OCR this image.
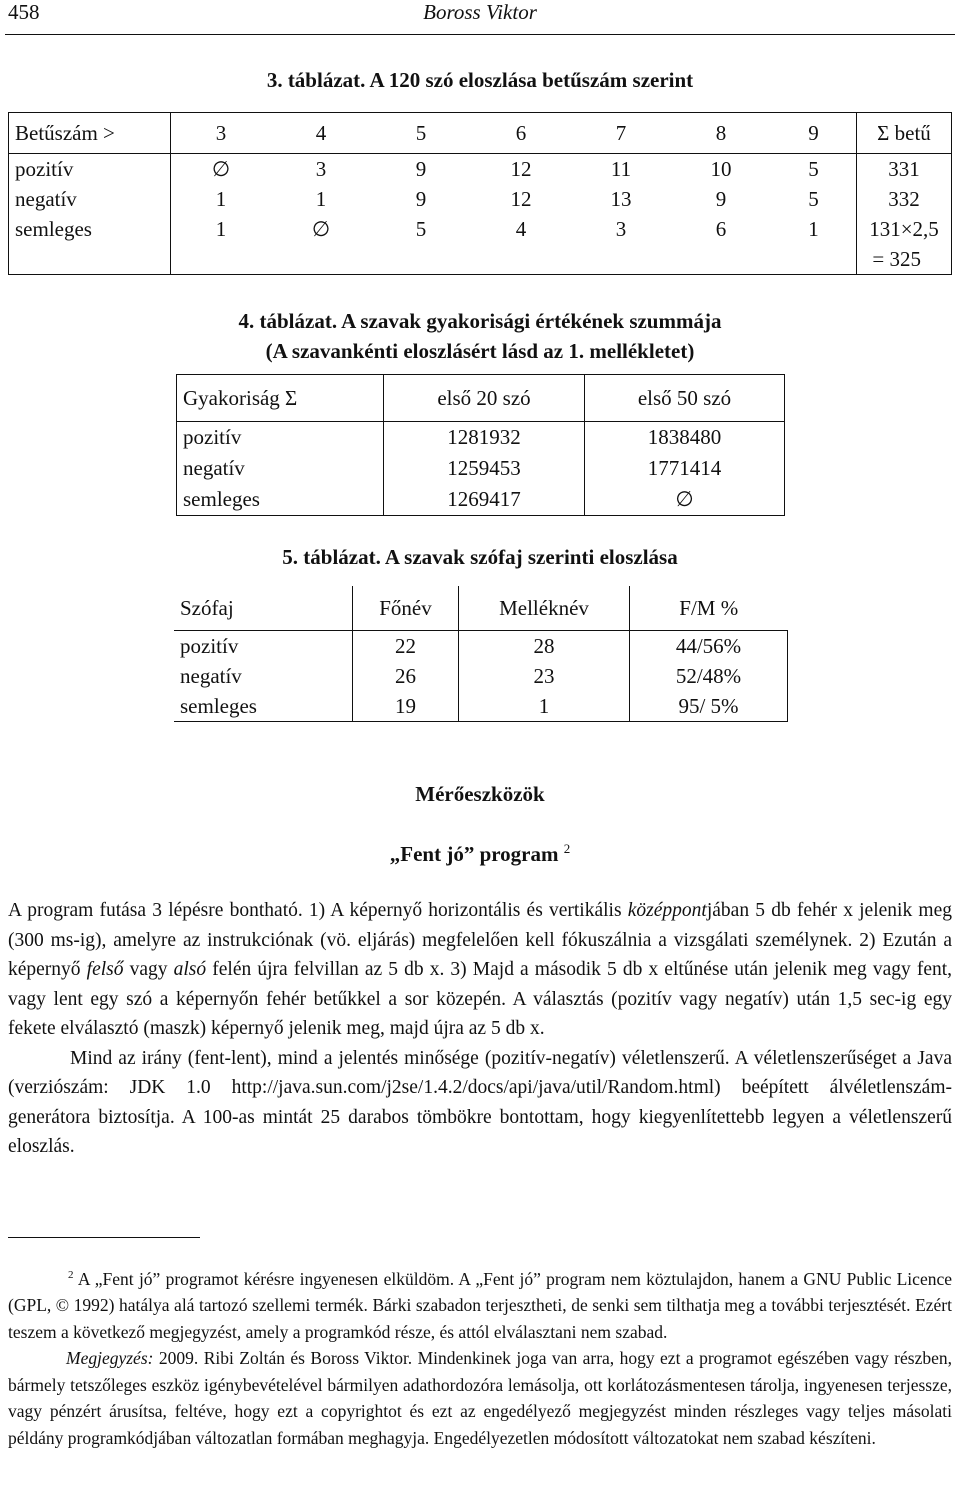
458	Boross Viktor
3. táblázat. A 120 szó eloszlása betűszám szerint
Betűszám >	3	4	5	6	7	8	9	Σ betű
pozitív	∅	3	9	12	11	10	5	331
negatív	1	1	9	12	13	9	5	332
semleges	1	∅	5	4	3	6	1	131×2,5
								= 325
4. táblázat. A szavak gyakorisági értékének szummája
(A szavankénti eloszlásért lásd az 1. mellékletet)
Gyakoriság Σ	első 20 szó	első 50 szó
pozitív	1281932	1838480
negatív	1259453	1771414
semleges	1269417	∅
5. táblázat. A szavak szófaj szerinti eloszlása
Szófaj	Főnév	Melléknév	F/M %
pozitív	22	28	44/56%
negatív	26	23	52/48%
semleges	19	1	95/ 5%
Mérőeszközök
„Fent jó” program $^2$

A program futása 3 lépésre bontható. 1) A képernyő horizontális és vertikális középpontjában 5 db fehér x jelenik meg (300 ms-ig), amelyre az instrukciónak (vö. eljárás) megfelelően kell fókuszálnia a vizsgálati személynek. 2) Ezután a képernyő felső vagy alsó felén újra felvillan az 5 db x. 3) Majd a második 5 db x eltűnése után jelenik meg vagy fent, vagy lent egy szó a képernyőn fehér betűkkel a sor közepén. A választás (pozitív vagy negatív) után 1,5 sec-ig egy fekete elválasztó (maszk) képernyő jelenik meg, majd újra az 5 db x.

Mind az irány (fent-lent), mind a jelentés minősége (pozitív-negatív) véletlenszerű. A véletlenszerűséget a Java (verziószám: JDK 1.0 http://java.sun.com/j2se/1.4.2/docs/api/java/util/Random.html) beépített álvéletlenszám-generátora biztosítja. A 100-as mintát 25 darabos tömbökre bontottam, hogy kiegyenlítettebb legyen a véletlenszerű eloszlás.

$^2$ A „Fent jó” programot kérésre ingyenesen elküldöm. A „Fent jó” program nem köztulajdon, hanem a GNU Public Licence (GPL, © 1992) hatálya alá tartozó szellemi termék. Bárki szabadon terjesztheti, de senki sem tilthatja meg a további terjesztését. Ezért teszem a következő megjegyzést, amely a programkód része, és attól elválasztani nem szabad.

Megjegyzés: 2009. Ribi Zoltán és Boross Viktor. Mindenkinek joga van arra, hogy ezt a programot egészében vagy részben, bármely tetszőleges eszköz igénybevételével bármilyen adathordozóra lemásolja, ott korlátozásmentesen tárolja, ingyenesen terjessze, vagy pénzért árusítsa, feltéve, hogy ezt a copyrightot és ezt az engedélyező megjegyzést minden részleges vagy teljes másolati példány programkódjában változatlan formában meghagyja. Engedélyezetlen módosított változatokat nem szabad készíteni.
